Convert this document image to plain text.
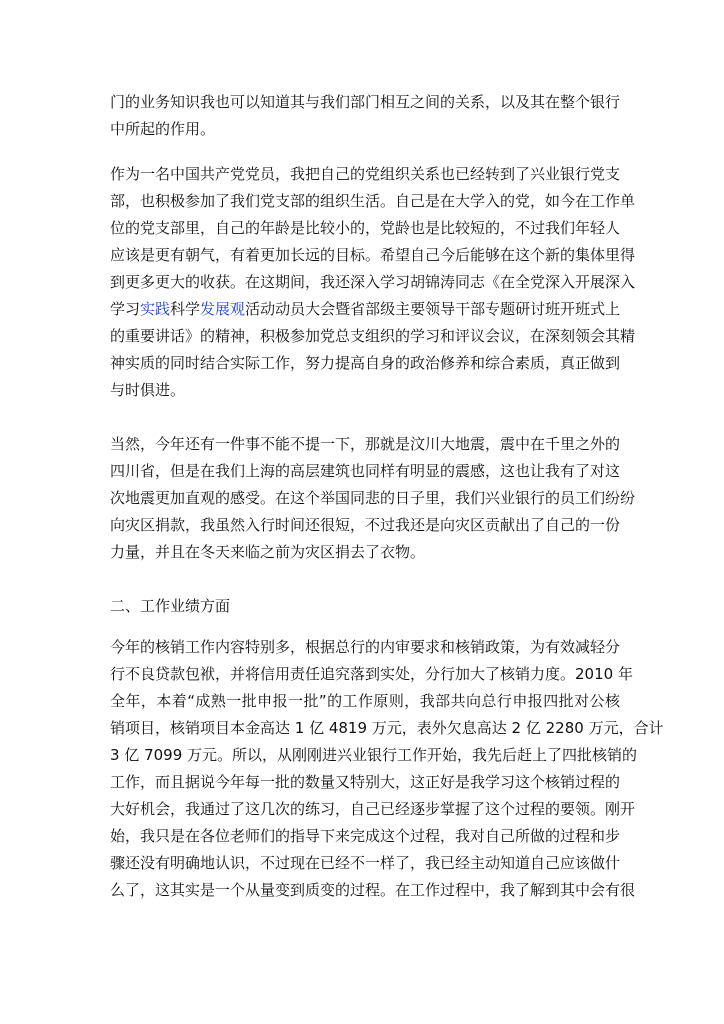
门的业务知识我也可以知道其与我们部门相互之间的关系，以及其在整个银行
中所起的作用。
作为一名中国共产党党员，我把自己的党组织关系也已经转到了兴业银行党支
部，也积极参加了我们党支部的组织生活。自己是在大学入的党，如今在工作单
位的党支部里，自己的年龄是比较小的，党龄也是比较短的，不过我们年轻人
应该是更有朝气，有着更加长远的目标。希望自己今后能够在这个新的集体里得
到更多更大的收获。在这期间，我还深入学习胡锦涛同志《在全党深入开展深入
学习实践科学发展观活动动员大会暨省部级主要领导干部专题研讨班开班式上
的重要讲话》的精神，积极参加党总支组织的学习和评议会议，在深刻领会其精
神实质的同时结合实际工作，努力提高自身的政治修养和综合素质，真正做到
与时俱进。
当然，今年还有一件事不能不提一下，那就是汶川大地震，震中在千里之外的
四川省，但是在我们上海的高层建筑也同样有明显的震感，这也让我有了对这
次地震更加直观的感受。在这个举国同悲的日子里，我们兴业银行的员工们纷纷
向灾区捐款，我虽然入行时间还很短，不过我还是向灾区贡献出了自己的一份
力量，并且在冬天来临之前为灾区捐去了衣物。
二、工作业绩方面
今年的核销工作内容特别多，根据总行的内审要求和核销政策，为有效减轻分
行不良贷款包袱，并将信用责任追究落到实处，分行加大了核销力度。2010 年
全年，本着“成熟一批申报一批”的工作原则，我部共向总行申报四批对公核
销项目，核销项目本金高达 1 亿 4819 万元，表外欠息高达 2 亿 2280 万元，合计
3 亿 7099 万元。所以，从刚刚进兴业银行工作开始，我先后赶上了四批核销的
工作，而且据说今年每一批的数量又特别大，这正好是我学习这个核销过程的
大好机会，我通过了这几次的练习，自己已经逐步掌握了这个过程的要领。刚开
始，我只是在各位老师们的指导下来完成这个过程，我对自己所做的过程和步
骤还没有明确地认识，不过现在已经不一样了，我已经主动知道自己应该做什
么了，这其实是一个从量变到质变的过程。在工作过程中，我了解到其中会有很
